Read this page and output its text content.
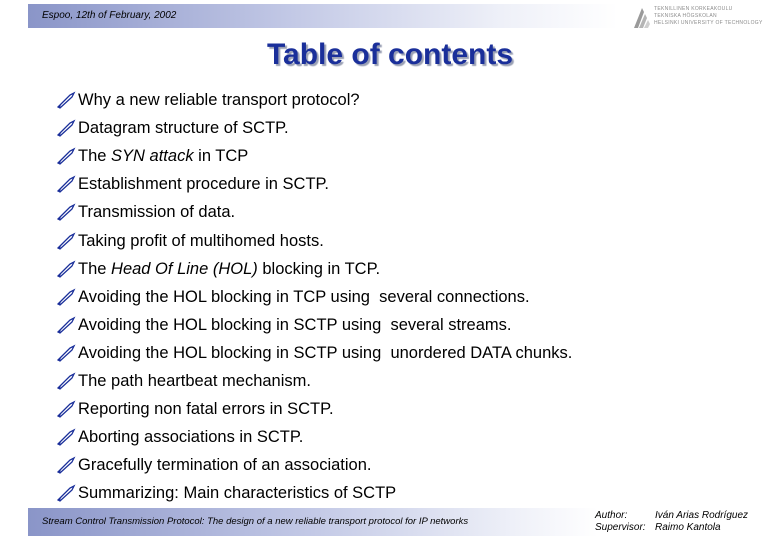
Espoo, 12th of February, 2002
TEKNILLINEN KORKEAKOULU
TEKNISKA HÖGSKOLAN
HELSINKI UNIVERSITY OF TECHNOLOGY
Table of contents
Why a new reliable transport protocol?
Datagram structure of SCTP.
The SYN attack in TCP
Establishment procedure in SCTP.
Transmission of data.
Taking profit of multihomed hosts.
The Head Of Line (HOL) blocking in TCP.
Avoiding the HOL blocking in TCP using  several connections.
Avoiding the HOL blocking in SCTP using  several streams.
Avoiding the HOL blocking in SCTP using  unordered DATA chunks.
The path heartbeat mechanism.
Reporting non fatal errors in SCTP.
Aborting associations in SCTP.
Gracefully termination of an association.
Summarizing: Main characteristics of SCTP
Stream Control Transmission Protocol: The design of a new reliable transport protocol for IP networks
Author:	Iván Arias Rodríguez
Supervisor: Raimo Kantola
